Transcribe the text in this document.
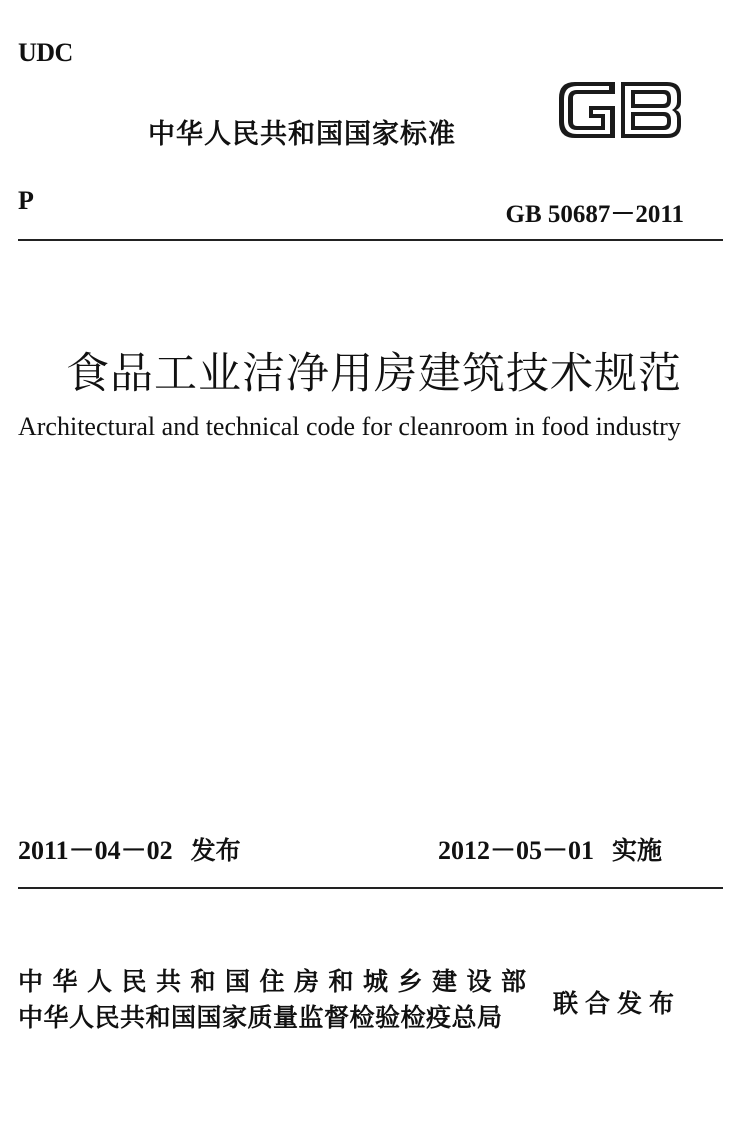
UDC
中华人民共和国国家标准
P	GB 50687－2011
食品工业洁净用房建筑技术规范
Architectural and technical code for cleanroom in food industry
2011－04－02 发布	2012－05－01 实施
中华人民共和国住房和城乡建设部
中华人民共和国国家质量监督检验检疫总局 联合发布
